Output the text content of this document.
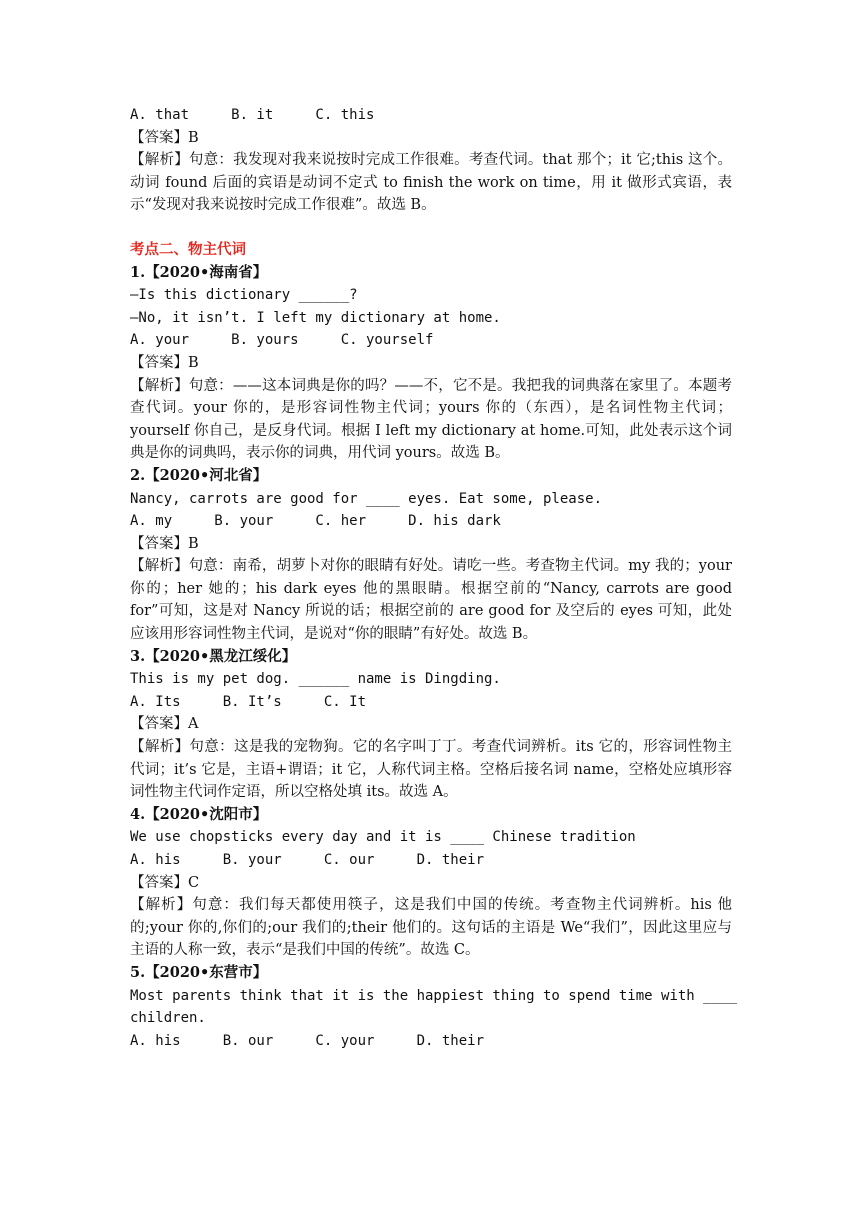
A. that     B. it     C. this
【答案】B
【解析】句意：我发现对我来说按时完成工作很难。考查代词。that 那个；it 它;this 这个。动词 found 后面的宾语是动词不定式 to finish the work on time，用 it 做形式宾语，表示“发现对我来说按时完成工作很难”。故选 B。
考点二、物主代词
1.【2020•海南省】
—Is this dictionary ______?
—No, it isn’t. I left my dictionary at home.
A. your     B. yours     C. yourself
【答案】B
【解析】句意：——这本词典是你的吗？——不，它不是。我把我的词典落在家里了。本题考查代词。your 你的，是形容词性物主代词；yours 你的（东西），是名词性物主代词；yourself 你自己，是反身代词。根据 I left my dictionary at home.可知，此处表示这个词典是你的词典吗，表示你的词典，用代词 yours。故选 B。
2.【2020•河北省】
Nancy, carrots are good for ____ eyes. Eat some, please.
A. my     B. your     C. her     D. his dark
【答案】B
【解析】句意：南希，胡萝卜对你的眼睛有好处。请吃一些。考查物主代词。my 我的；your 你的；her 她的；his dark eyes 他的黑眼睛。根据空前的“Nancy, carrots are good for”可知，这是对 Nancy 所说的话；根据空前的 are good for 及空后的 eyes 可知，此处应该用形容词性物主代词，是说对“你的眼睛”有好处。故选 B。
3.【2020•黑龙江绥化】
This is my pet dog. ______ name is Dingding.
A. Its     B. It’s     C. It
【答案】A
【解析】句意：这是我的宠物狗。它的名字叫丁丁。考查代词辨析。its 它的，形容词性物主代词；it’s 它是，主语+谓语；it 它，人称代词主格。空格后接名词 name，空格处应填形容词性物主代词作定语，所以空格处填 its。故选 A。
4.【2020•沈阳市】
We use chopsticks every day and it is ____ Chinese tradition
A. his     B. your     C. our     D. their
【答案】C
【解析】句意：我们每天都使用筷子，这是我们中国的传统。考查物主代词辨析。his 他的;your 你的,你们的;our 我们的;their 他们的。这句话的主语是 We“我们”，因此这里应与主语的人称一致，表示“是我们中国的传统”。故选 C。
5.【2020•东营市】
Most parents think that it is the happiest thing to spend time with ____
children.
A. his     B. our     C. your     D. their
